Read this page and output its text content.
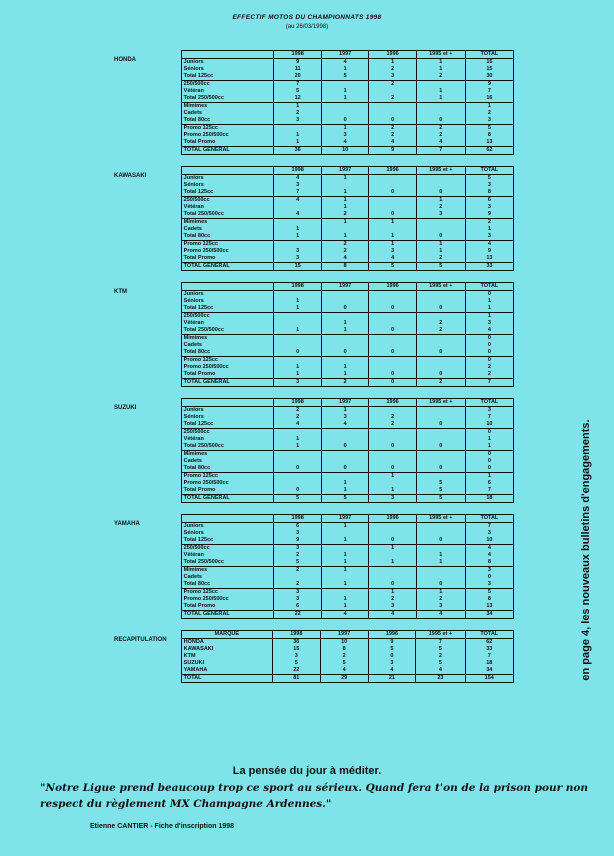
EFFECTIF MOTOS DU CHAMPIONNATS 1998
(au 26/03/1998)
HONDA
	1998	1997	1996	1995 et +	TOTAL
Juniors	9	4	1	1	15
Séniors	11	1	2	1	15
Total 125cc	20	5	3	2	30
250/500cc	7		2		9
Vétéran	5	1		1	7
Total 250/500cc	12	1	2	1	16
Mimimes	1				1
Cadets	2				2
Total 80cc	3	0	0	0	3
Promo 125cc		1	2	2	5
Promo 250/500cc	1	3	2	2	8
Total Promo	1	4	4	4	13
TOTAL GENERAL	36	10	9	7	62
KAWASAKI
	1998	1997	1996	1995 et +	TOTAL
Juniors	4	1			5
Séniors	3				3
Total 125cc	7	1	0	0	8
250/500cc	4	1		1	6
Vétéran		1		2	3
Total 250/500cc	4	2	0	3	9
Mimimes		1	1		2
Cadets	1				1
Total 80cc	1	1	1	0	3
Promo 125cc		2	1	1	4
Promo 250/500cc	3	2	3	1	9
Total Promo	3	4	4	2	13
TOTAL GENERAL	15	8	5	5	33
KTM
	1998	1997	1996	1995 et +	TOTAL
Juniors					0
Séniors	1				1
Total 125cc	1	0	0	0	1
250/500cc					1
Vétéran		1		2	3
Total 250/500cc	1	1	0	2	4
Mimimes					0
Cadets					0
Total 80cc	0	0	0	0	0
Promo 125cc					0
Promo 250/500cc	1	1			2
Total Promo	1	1	0	0	2
TOTAL GENERAL	3	2	0	2	7
SUZUKI
	1998	1997	1996	1995 et +	TOTAL
Juniors	2	1			3
Séniors	2	3	2		7
Total 125cc	4	4	2	0	10
250/500cc					0
Vétéran	1				1
Total 250/500cc	1	0	0	0	1
Mimimes					0
Cadets					0
Total 80cc	0	0	0	0	0
Promo 125cc			1		1
Promo 250/500cc		1		5	6
Total Promo	0	1	1	5	7
TOTAL GENERAL	5	5	3	5	18
YAMAHA
	1998	1997	1996	1995 et +	TOTAL
Juniors	6	1			7
Séniors	3				3
Total 125cc	9	1	0	0	10
250/500cc	3		1		4
Vétéran	2	1		1	4
Total 250/500cc	5	1	1	1	8
Mimimes	2	1			3
Cadets					0
Total 80cc	2	1	0	0	3
Promo 125cc	3		1	1	5
Promo 250/500cc	3	1	2	2	8
Total Promo	6	1	3	3	13
TOTAL GENERAL	22	4	4	4	34
RECAPITULATION
MARQUE	1998	1997	1996	1995 et +	TOTAL
HONDA	36	10	9	7	62
KAWASAKI	15	8	5	5	33
KTM	3	2	0	2	7
SUZUKI	5	5	3	5	18
YAMAHA	22	4	4	4	34
TOTAL	81	29	21	23	154	en page 4, les nouveaux bulletins d'engagements.
La pensée du jour à méditer.
"Notre Ligue prend beaucoup trop ce sport au sérieux. Quand fera t'on de la prison pour non respect du règlement MX Champagne Ardennes."
Etienne CANTIER - Fiche d'inscription 1998
